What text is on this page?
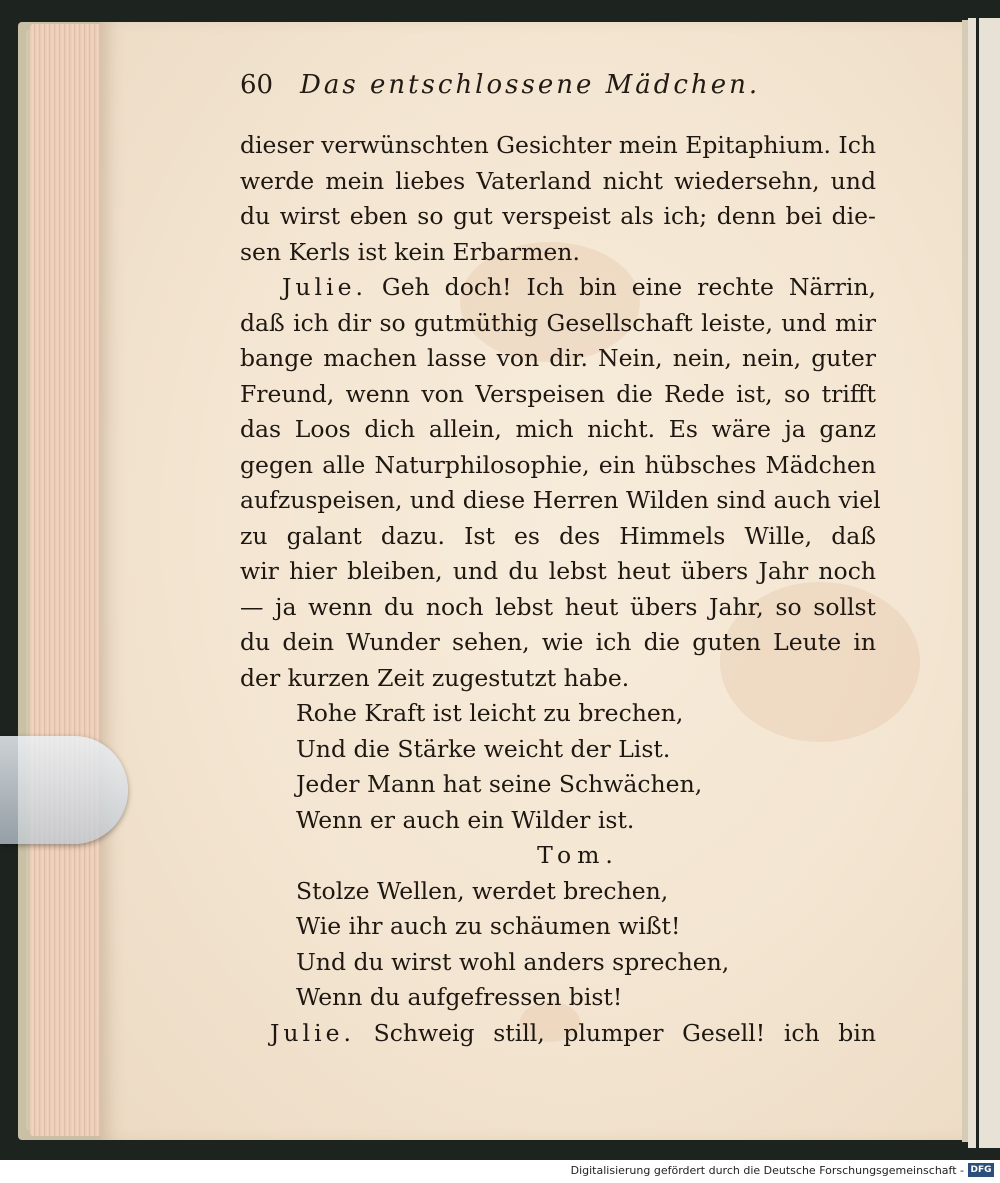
60	Das entschlossene Mädchen.
dieser verwünschten Gesichter mein Epitaphium. Ich
werde mein liebes Vaterland nicht wiedersehn, und
du wirst eben so gut verspeist als ich; denn bei die-
sen Kerls ist kein Erbarmen.
Julie. Geh doch! Ich bin eine rechte Närrin,
daß ich dir so gutmüthig Gesellschaft leiste, und mir
bange machen lasse von dir. Nein, nein, nein, guter
Freund, wenn von Verspeisen die Rede ist, so trifft
das Loos dich allein, mich nicht. Es wäre ja ganz
gegen alle Naturphilosophie, ein hübsches Mädchen
aufzuspeisen, und diese Herren Wilden sind auch viel
zu galant dazu. Ist es des Himmels Wille, daß
wir hier bleiben, und du lebst heut übers Jahr noch
— ja wenn du noch lebst heut übers Jahr, so sollst
du dein Wunder sehen, wie ich die guten Leute in
der kurzen Zeit zugestutzt habe.
Rohe Kraft ist leicht zu brechen,
Und die Stärke weicht der List.
Jeder Mann hat seine Schwächen,
Wenn er auch ein Wilder ist.
Tom.
Stolze Wellen, werdet brechen,
Wie ihr auch zu schäumen wißt!
Und du wirst wohl anders sprechen,
Wenn du aufgefressen bist!
Julie. Schweig still, plumper Gesell! ich bin
Digitalisierung gefördert durch die Deutsche Forschungsgemeinschaft - DFG
